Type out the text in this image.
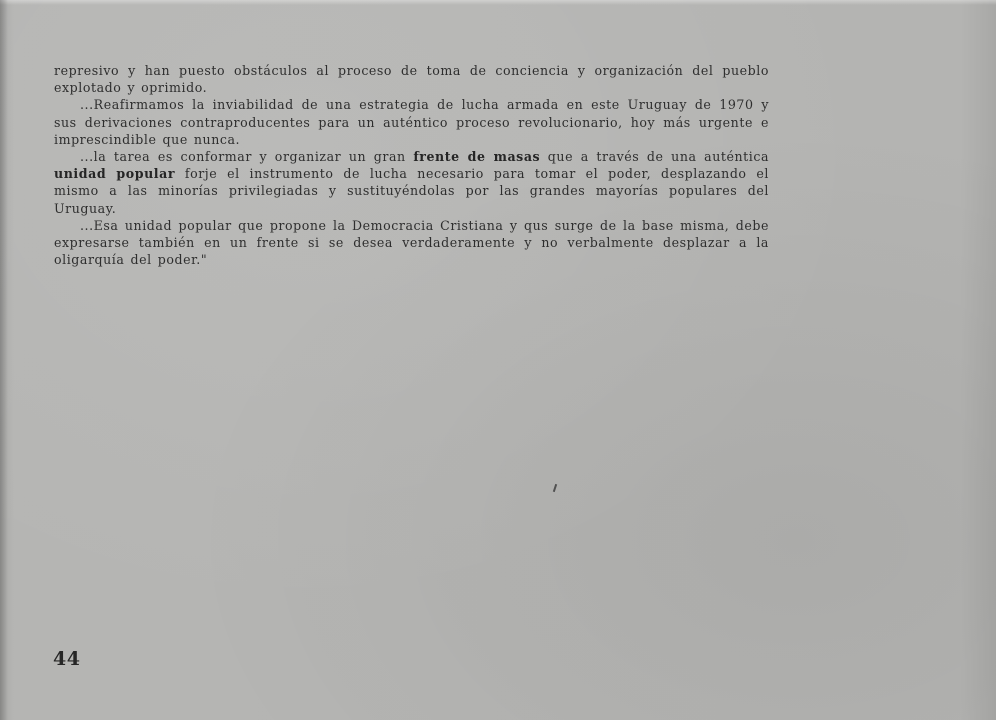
represivo y han puesto obstáculos al proceso de toma de conciencia y organización del pueblo explotado y oprimido.

...Reafirmamos la inviabilidad de una estrategia de lucha armada en este Uruguay de 1970 y sus derivaciones contraproducentes para un auténtico proceso revolucionario, hoy más urgente e imprescindible que nunca.

...la tarea es conformar y organizar un gran frente de masas que a través de una auténtica unidad popular forje el instrumento de lucha necesario para tomar el poder, desplazando el mismo a las minorías privilegiadas y sustituyéndolas por las grandes mayorías populares del Uruguay.

...Esa unidad popular que propone la Democracia Cristiana y qus surge de la base misma, debe expresarse también en un frente si se desea verdaderamente y no verbalmente desplazar a la oligarquía del poder."

44
